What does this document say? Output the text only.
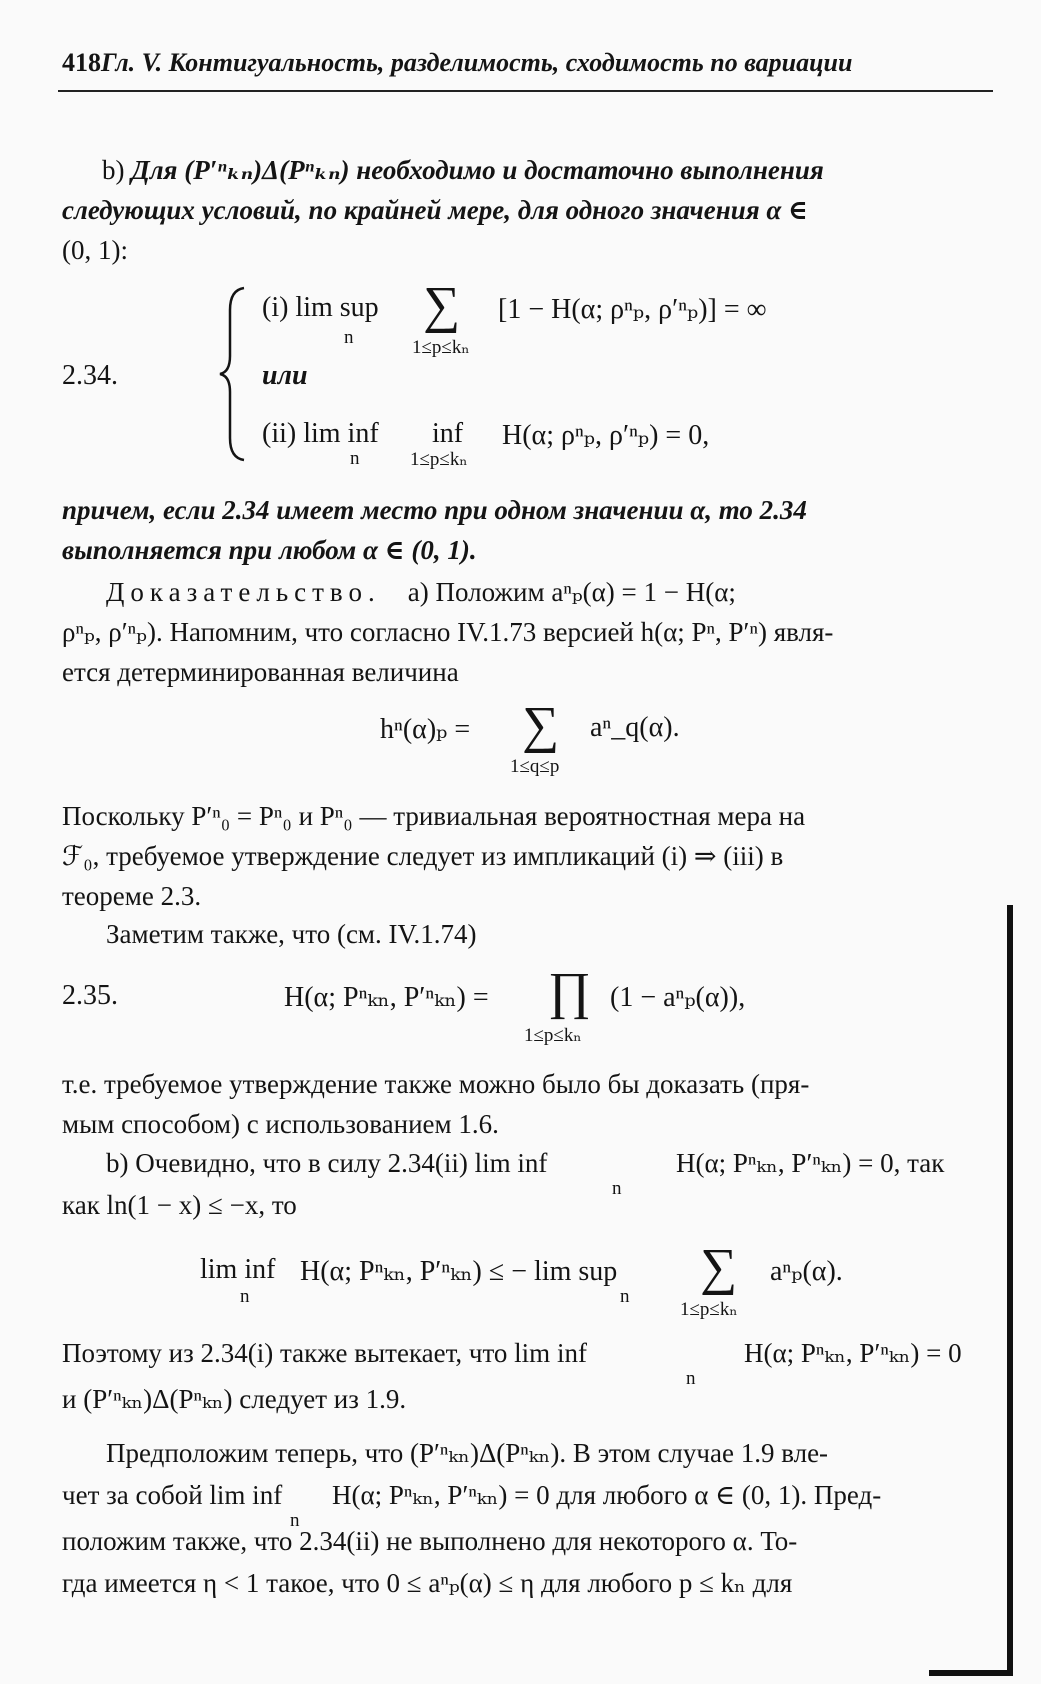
418Гл. V. Контигуальность, разделимость, сходимость по вариации
b) Для (P′ⁿₖₙ)Δ(Pⁿₖₙ) необходимо и достаточно выполнения
следующих условий, по крайней мере, для одного значения α ∈
(0, 1):
2.34.
(i) lim sup
n
∑
1≤p≤kₙ
[1 − H(α; ρⁿₚ, ρ′ⁿₚ)] = ∞
или
(ii) lim inf
n
inf
1≤p≤kₙ
H(α; ρⁿₚ, ρ′ⁿₚ) = 0,
причем, если 2.34 имеет место при одном значении α, то 2.34
выполняется при любом α ∈ (0, 1).
Доказательство. a) Положим aⁿₚ(α) = 1 − H(α;
ρⁿₚ, ρ′ⁿₚ). Напомним, что согласно IV.1.73 версией h(α; Pⁿ, P′ⁿ) явля-
ется детерминированная величина
hⁿ(α)ₚ = ∑
1≤q≤p
aⁿ_q(α).
Поскольку P′ⁿ₀ = Pⁿ₀ и Pⁿ₀ — тривиальная вероятностная мера на
ℱ₀, требуемое утверждение следует из импликаций (i) ⇒ (iii) в
теореме 2.3.
Заметим также, что (см. IV.1.74)
2.35.	H(α; Pⁿₖₙ, P′ⁿₖₙ) = ∏
1≤p≤kₙ
(1 − aⁿₚ(α)),
т.е. требуемое утверждение также можно было бы доказать (пря-
мым способом) с использованием 1.6.
b) Очевидно, что в силу 2.34(ii) lim inf
n
H(α; Pⁿₖₙ, P′ⁿₖₙ) = 0, так
как ln(1 − x) ≤ −x, то
lim inf
n
H(α; Pⁿₖₙ, P′ⁿₖₙ) ≤ − lim sup
n
∑
1≤p≤kₙ
aⁿₚ(α).
Поэтому из 2.34(i) также вытекает, что lim inf
n
H(α; Pⁿₖₙ, P′ⁿₖₙ) = 0
и (P′ⁿₖₙ)Δ(Pⁿₖₙ) следует из 1.9.
Предположим теперь, что (P′ⁿₖₙ)Δ(Pⁿₖₙ). В этом случае 1.9 вле-
чет за собой lim inf
n
H(α; Pⁿₖₙ, P′ⁿₖₙ) = 0 для любого α ∈ (0, 1). Пред-
положим также, что 2.34(ii) не выполнено для некоторого α. То-
гда имеется η < 1 такое, что 0 ≤ aⁿₚ(α) ≤ η для любого p ≤ kₙ для
